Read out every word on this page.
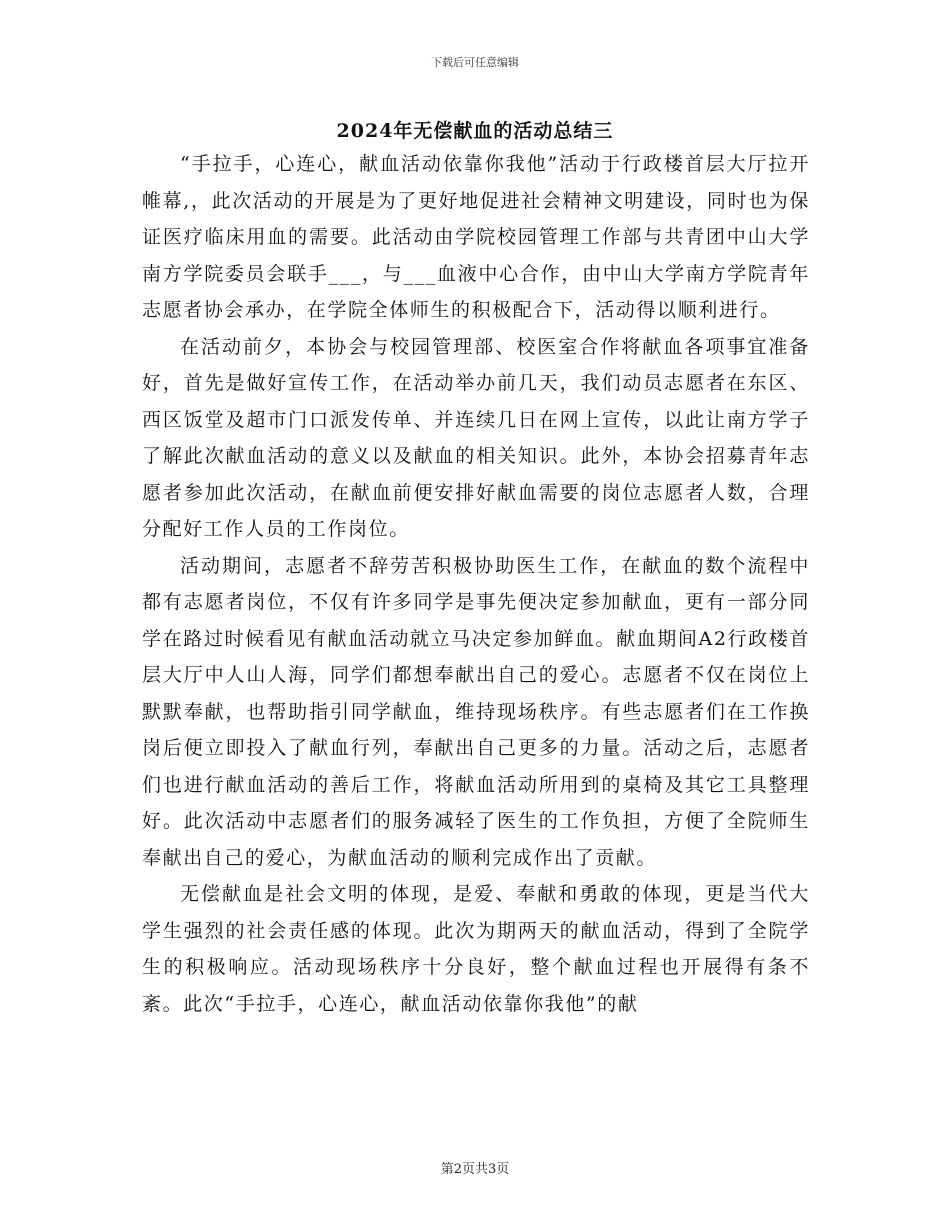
下载后可任意编辑
2024年无偿献血的活动总结三

“手拉手，心连心，献血活动依靠你我他”活动于行政楼首层大厅拉开帷幕,，此次活动的开展是为了更好地促进社会精神文明建设，同时也为保证医疗临床用血的需要。此活动由学院校园管理工作部与共青团中山大学南方学院委员会联手___，与___血液中心合作，由中山大学南方学院青年志愿者协会承办，在学院全体师生的积极配合下，活动得以顺利进行。

在活动前夕，本协会与校园管理部、校医室合作将献血各项事宜准备好，首先是做好宣传工作，在活动举办前几天，我们动员志愿者在东区、西区饭堂及超市门口派发传单、并连续几日在网上宣传，以此让南方学子了解此次献血活动的意义以及献血的相关知识。此外，本协会招募青年志愿者参加此次活动，在献血前便安排好献血需要的岗位志愿者人数，合理分配好工作人员的工作岗位。

活动期间，志愿者不辞劳苦积极协助医生工作，在献血的数个流程中都有志愿者岗位，不仅有许多同学是事先便决定参加献血，更有一部分同学在路过时候看见有献血活动就立马决定参加鲜血。献血期间A2行政楼首层大厅中人山人海，同学们都想奉献出自己的爱心。志愿者不仅在岗位上默默奉献，也帮助指引同学献血，维持现场秩序。有些志愿者们在工作换岗后便立即投入了献血行列，奉献出自己更多的力量。活动之后，志愿者们也进行献血活动的善后工作，将献血活动所用到的桌椅及其它工具整理好。此次活动中志愿者们的服务减轻了医生的工作负担，方便了全院师生奉献出自己的爱心，为献血活动的顺利完成作出了贡献。

无偿献血是社会文明的体现，是爱、奉献和勇敢的体现，更是当代大学生强烈的社会责任感的体现。此次为期两天的献血活动，得到了全院学生的积极响应。活动现场秩序十分良好，整个献血过程也开展得有条不紊。此次“手拉手，心连心，献血活动依靠你我他”的献

第2页共3页
